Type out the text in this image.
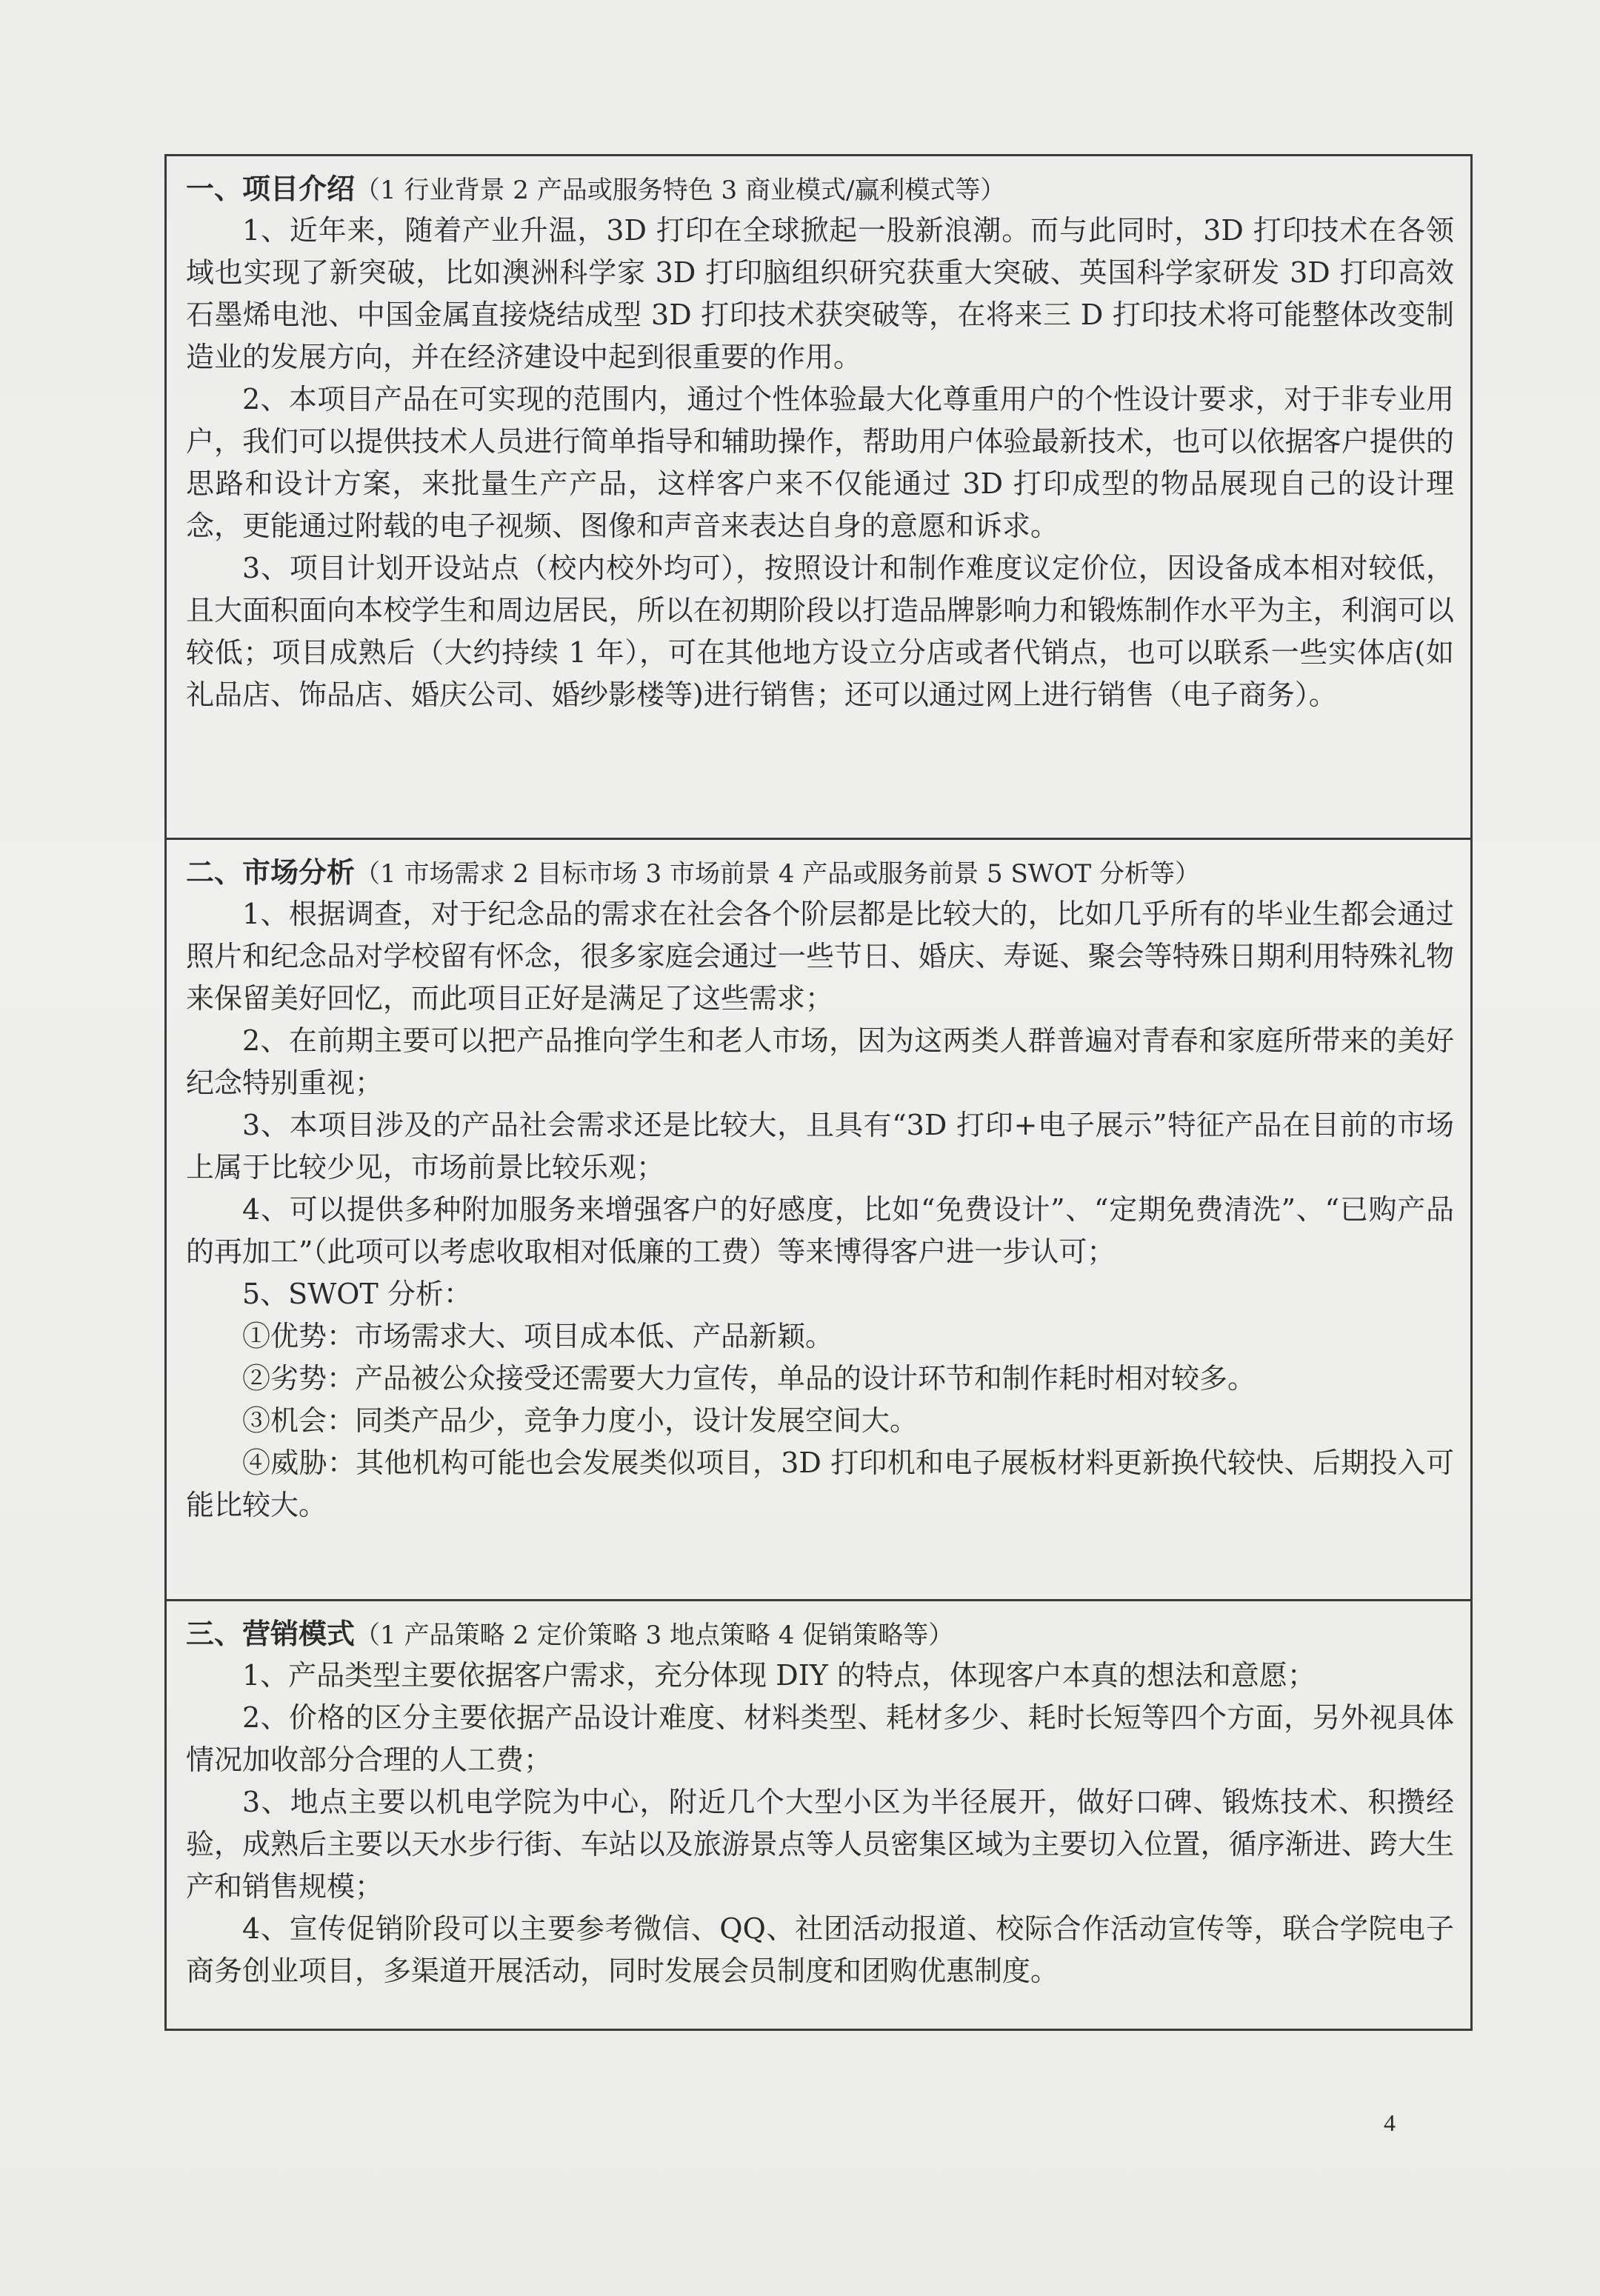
一、项目介绍（1 行业背景 2 产品或服务特色 3 商业模式/赢利模式等）

1、近年来，随着产业升温，3D 打印在全球掀起一股新浪潮。而与此同时，3D 打印技术在各领域也实现了新突破，比如澳洲科学家 3D 打印脑组织研究获重大突破、英国科学家研发 3D 打印高效石墨烯电池、中国金属直接烧结成型 3D 打印技术获突破等，在将来三 D 打印技术将可能整体改变制造业的发展方向，并在经济建设中起到很重要的作用。

2、本项目产品在可实现的范围内，通过个性体验最大化尊重用户的个性设计要求，对于非专业用户，我们可以提供技术人员进行简单指导和辅助操作，帮助用户体验最新技术，也可以依据客户提供的思路和设计方案，来批量生产产品，这样客户来不仅能通过 3D 打印成型的物品展现自己的设计理念，更能通过附载的电子视频、图像和声音来表达自身的意愿和诉求。

3、项目计划开设站点（校内校外均可），按照设计和制作难度议定价位，因设备成本相对较低，且大面积面向本校学生和周边居民，所以在初期阶段以打造品牌影响力和锻炼制作水平为主，利润可以较低；项目成熟后（大约持续 1 年），可在其他地方设立分店或者代销点，也可以联系一些实体店(如礼品店、饰品店、婚庆公司、婚纱影楼等)进行销售；还可以通过网上进行销售（电子商务）。

二、市场分析（1 市场需求 2 目标市场 3 市场前景 4 产品或服务前景 5 SWOT 分析等）

1、根据调查，对于纪念品的需求在社会各个阶层都是比较大的，比如几乎所有的毕业生都会通过照片和纪念品对学校留有怀念，很多家庭会通过一些节日、婚庆、寿诞、聚会等特殊日期利用特殊礼物来保留美好回忆，而此项目正好是满足了这些需求；

2、在前期主要可以把产品推向学生和老人市场，因为这两类人群普遍对青春和家庭所带来的美好纪念特别重视；

3、本项目涉及的产品社会需求还是比较大，且具有“3D 打印+电子展示”特征产品在目前的市场上属于比较少见，市场前景比较乐观；

4、可以提供多种附加服务来增强客户的好感度，比如“免费设计”、“定期免费清洗”、“已购产品的再加工”（此项可以考虑收取相对低廉的工费）等来博得客户进一步认可；

5、SWOT 分析：

①优势：市场需求大、项目成本低、产品新颖。

②劣势：产品被公众接受还需要大力宣传，单品的设计环节和制作耗时相对较多。

③机会：同类产品少，竞争力度小，设计发展空间大。

④威胁：其他机构可能也会发展类似项目，3D 打印机和电子展板材料更新换代较快、后期投入可能比较大。

三、营销模式（1 产品策略 2 定价策略 3 地点策略 4 促销策略等）

1、产品类型主要依据客户需求，充分体现 DIY 的特点，体现客户本真的想法和意愿；

2、价格的区分主要依据产品设计难度、材料类型、耗材多少、耗时长短等四个方面，另外视具体情况加收部分合理的人工费；

3、地点主要以机电学院为中心，附近几个大型小区为半径展开，做好口碑、锻炼技术、积攒经验，成熟后主要以天水步行街、车站以及旅游景点等人员密集区域为主要切入位置，循序渐进、跨大生产和销售规模；

4、宣传促销阶段可以主要参考微信、QQ、社团活动报道、校际合作活动宣传等，联合学院电子商务创业项目，多渠道开展活动，同时发展会员制度和团购优惠制度。

4
